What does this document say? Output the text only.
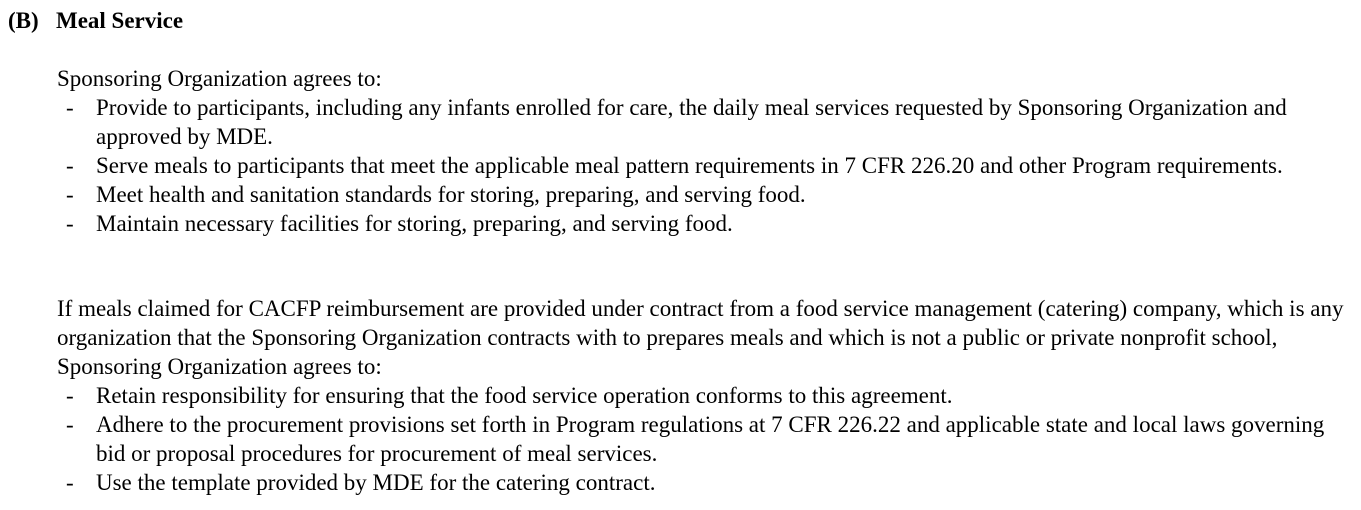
(B) Meal Service

Sponsoring Organization agrees to:

- Provide to participants, including any infants enrolled for care, the daily meal services requested by Sponsoring Organization and approved by MDE.
- Serve meals to participants that meet the applicable meal pattern requirements in 7 CFR 226.20 and other Program requirements.
- Meet health and sanitation standards for storing, preparing, and serving food.
- Maintain necessary facilities for storing, preparing, and serving food.

If meals claimed for CACFP reimbursement are provided under contract from a food service management (catering) company, which is any organization that the Sponsoring Organization contracts with to prepares meals and which is not a public or private nonprofit school, Sponsoring Organization agrees to:

- Retain responsibility for ensuring that the food service operation conforms to this agreement.
- Adhere to the procurement provisions set forth in Program regulations at 7 CFR 226.22 and applicable state and local laws governing bid or proposal procedures for procurement of meal services.
- Use the template provided by MDE for the catering contract.
